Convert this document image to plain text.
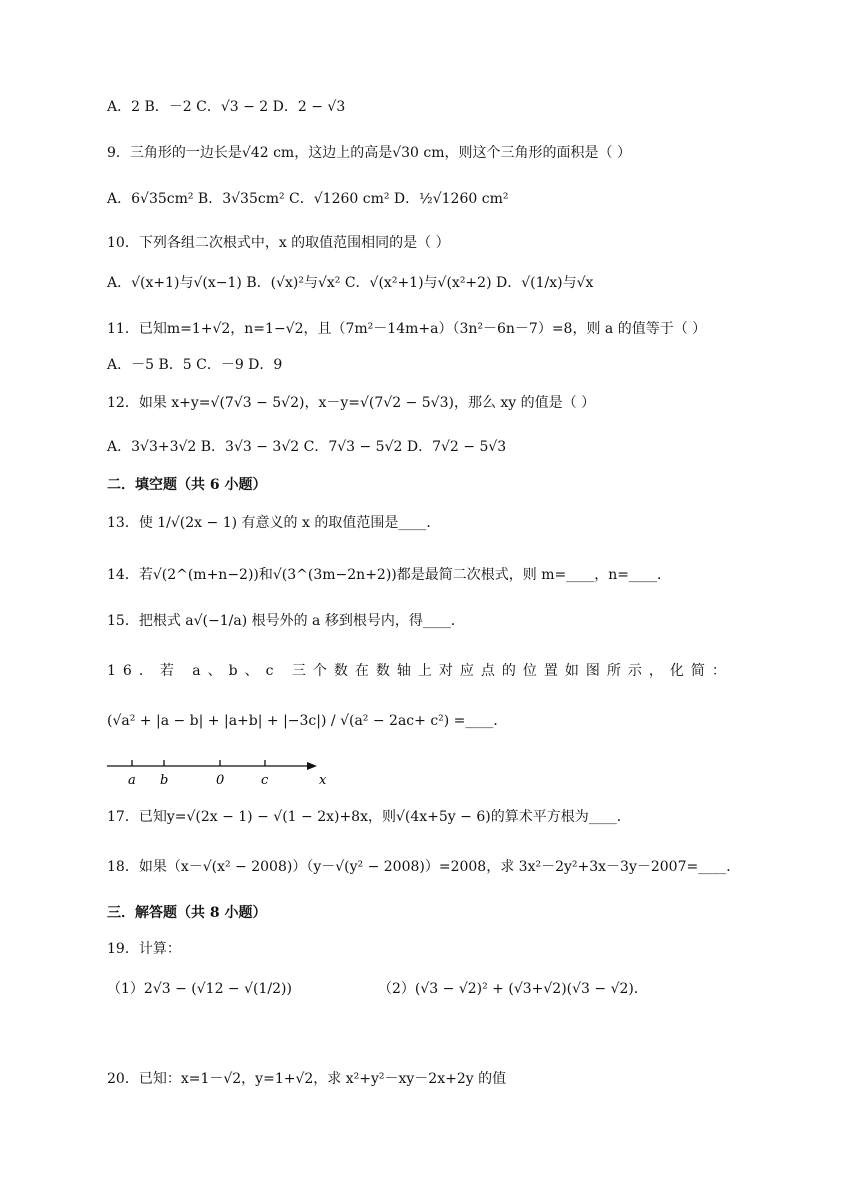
A．2 B．－2 C．√3 − 2 D．2 − √3
9．三角形的一边长是√42 cm，这边上的高是√30 cm，则这个三角形的面积是（ ）
A．6√35cm² B．3√35cm² C．√1260 cm² D．½√1260 cm²
10．下列各组二次根式中，x 的取值范围相同的是（ ）
A．√(x+1)与√(x−1) B．(√x)²与√x² C．√(x²+1)与√(x²+2) D．√(1/x)与√x
11．已知m=1+√2，n=1−√2，且（7m²－14m+a）（3n²－6n－7）=8，则 a 的值等于（ ）
A．－5 B．5 C．－9 D．9
12．如果 x+y=√(7√3 − 5√2)，x－y=√(7√2 − 5√3)，那么 xy 的值是（ ）
A．3√3+3√2 B．3√3 − 3√2 C．7√3 − 5√2 D．7√2 − 5√3
二．填空题（共 6 小题）
13．使 1/√(2x − 1) 有意义的 x 的取值范围是____．
14．若√(2^(m+n−2))和√(3^(3m−2n+2))都是最简二次根式，则 m=____，n=____．
15．把根式 a√(−1/a) 根号外的 a 移到根号内，得____．
16．若 a、b、c 三个数在数轴上对应点的位置如图所示，化简：
(√a² + |a − b| + |a+b| + |−3c|) / √(a² − 2ac+ c²) =____．
a b	0	c	x
17．已知y=√(2x − 1) − √(1 − 2x)+8x，则√(4x+5y − 6)的算术平方根为____．
18．如果（x－√(x² − 2008)）（y－√(y² − 2008)）=2008，求 3x²－2y²+3x－3y－2007=____．
三．解答题（共 8 小题）
19．计算：
（1）2√3 − (√12 − √(1/2))	（2）(√3 − √2)² + (√3+√2)(√3 − √2)．
20．已知：x=1－√2，y=1+√2，求 x²+y²－xy－2x+2y 的值
